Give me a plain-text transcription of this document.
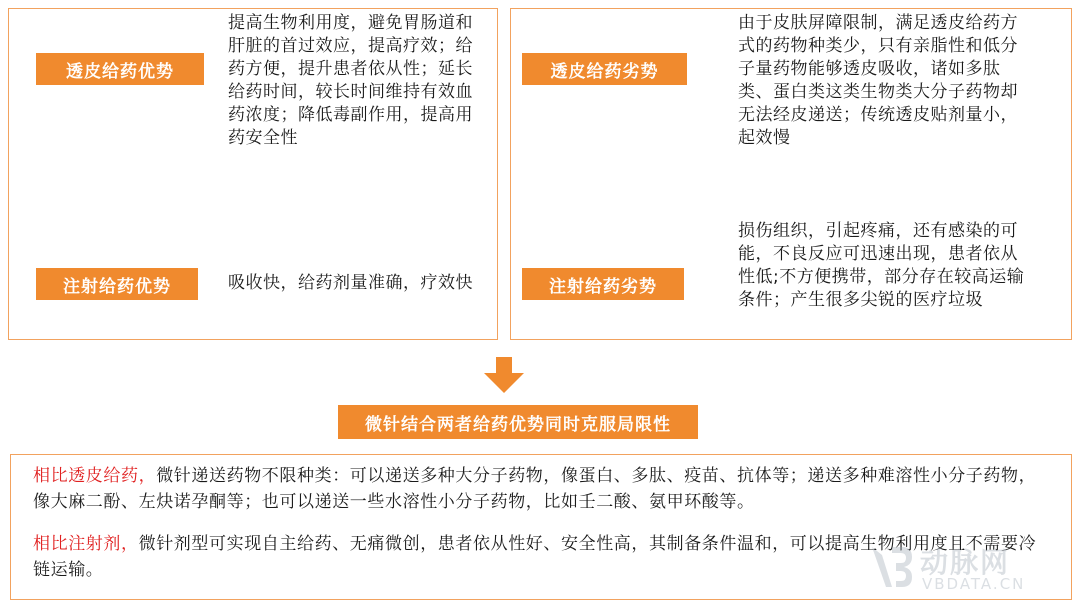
透皮给药优势
提高生物利用度，避免胃肠道和肝脏的首过效应，提高疗效；给药方便，提升患者依从性；延长给药时间，较长时间维持有效血药浓度；降低毒副作用，提高用药安全性
注射给药优势	吸收快，给药剂量准确，疗效快
透皮给药劣势
由于皮肤屏障限制，满足透皮给药方式的药物种类少，只有亲脂性和低分子量药物能够透皮吸收，诸如多肽类、蛋白类这类生物类大分子药物却无法经皮递送；传统透皮贴剂量小，起效慢
注射给药劣势
损伤组织，引起疼痛，还有感染的可能，不良反应可迅速出现，患者依从性低;不方便携带，部分存在较高运输条件；产生很多尖锐的医疗垃圾
微针结合两者给药优势同时克服局限性
相比透皮给药，微针递送药物不限种类：可以递送多种大分子药物，像蛋白、多肽、疫苗、抗体等；递送多种难溶性小分子药物，像大麻二酚、左炔诺孕酮等；也可以递送一些水溶性小分子药物，比如壬二酸、氨甲环酸等。
相比注射剂，微针剂型可实现自主给药、无痛微创，患者依从性好、安全性高，其制备条件温和，可以提高生物利用度且不需要冷链运输。	动脉网
VBDATA.CN
